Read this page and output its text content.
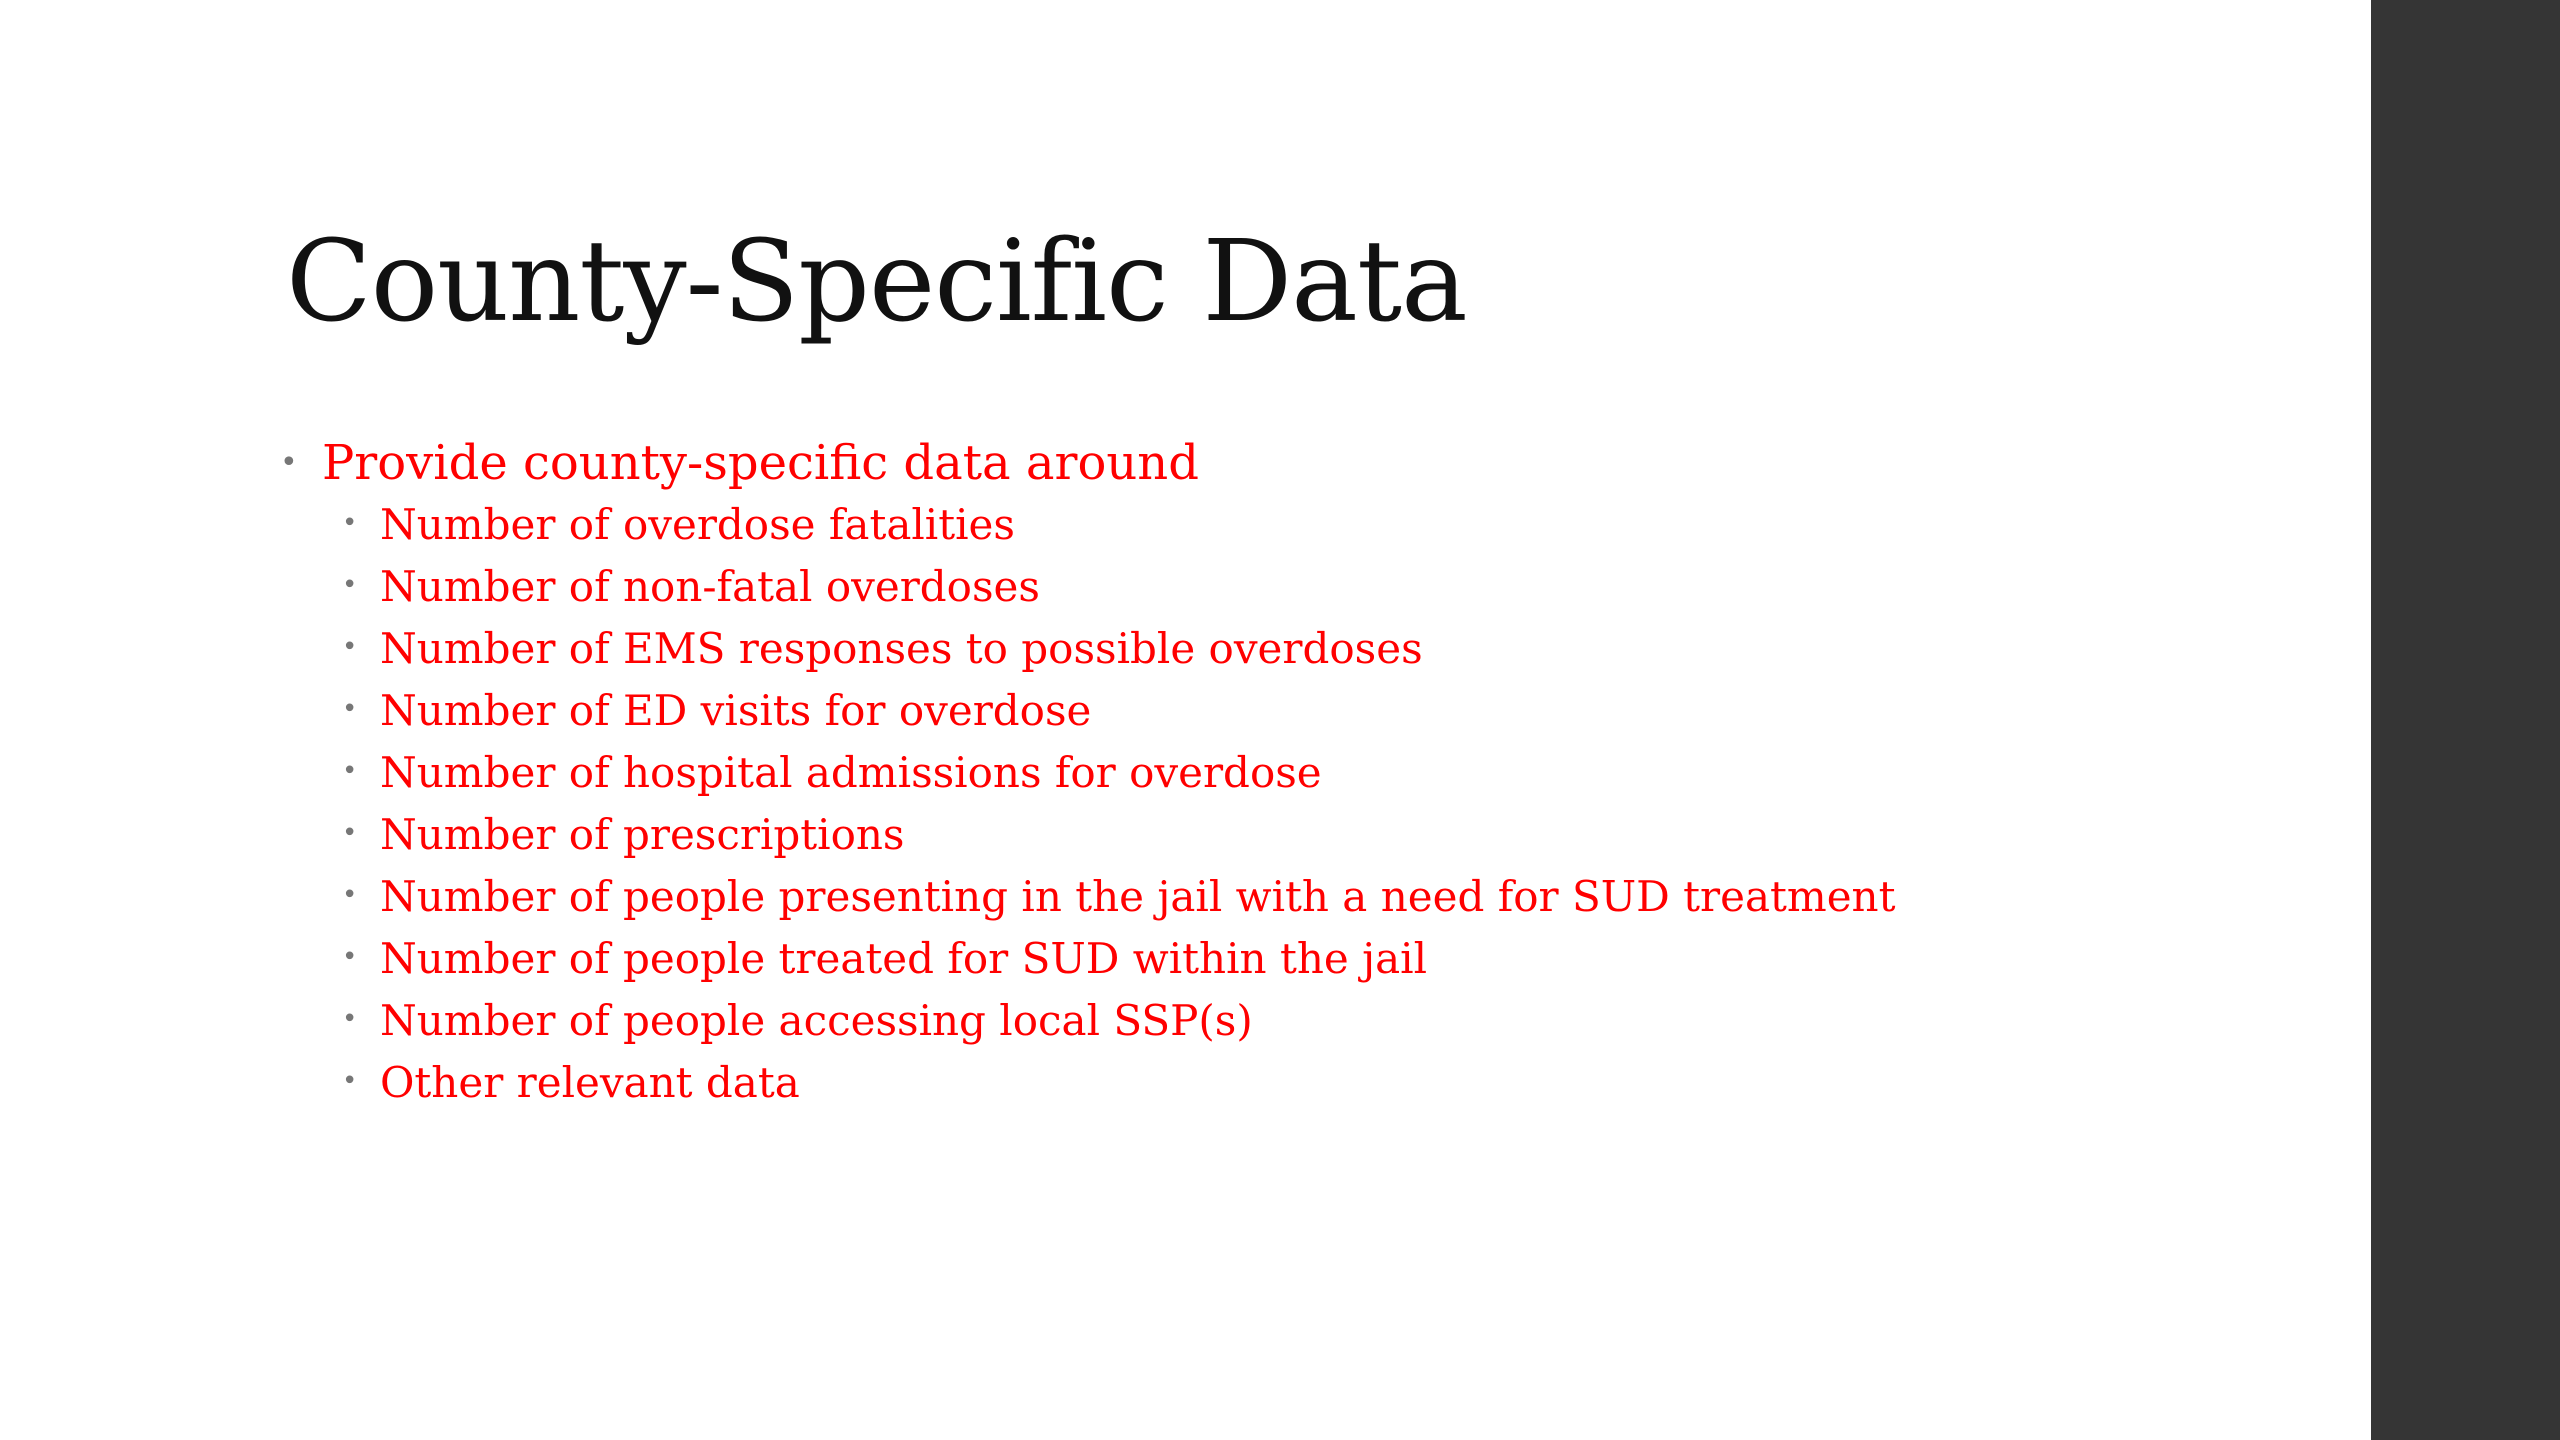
County-Specific Data
• Provide county-specific data around
• Number of overdose fatalities
• Number of non-fatal overdoses
• Number of EMS responses to possible overdoses
• Number of ED visits for overdose
• Number of hospital admissions for overdose
• Number of prescriptions
• Number of people presenting in the jail with a need for SUD treatment
• Number of people treated for SUD within the jail
• Number of people accessing local SSP(s)
• Other relevant data
